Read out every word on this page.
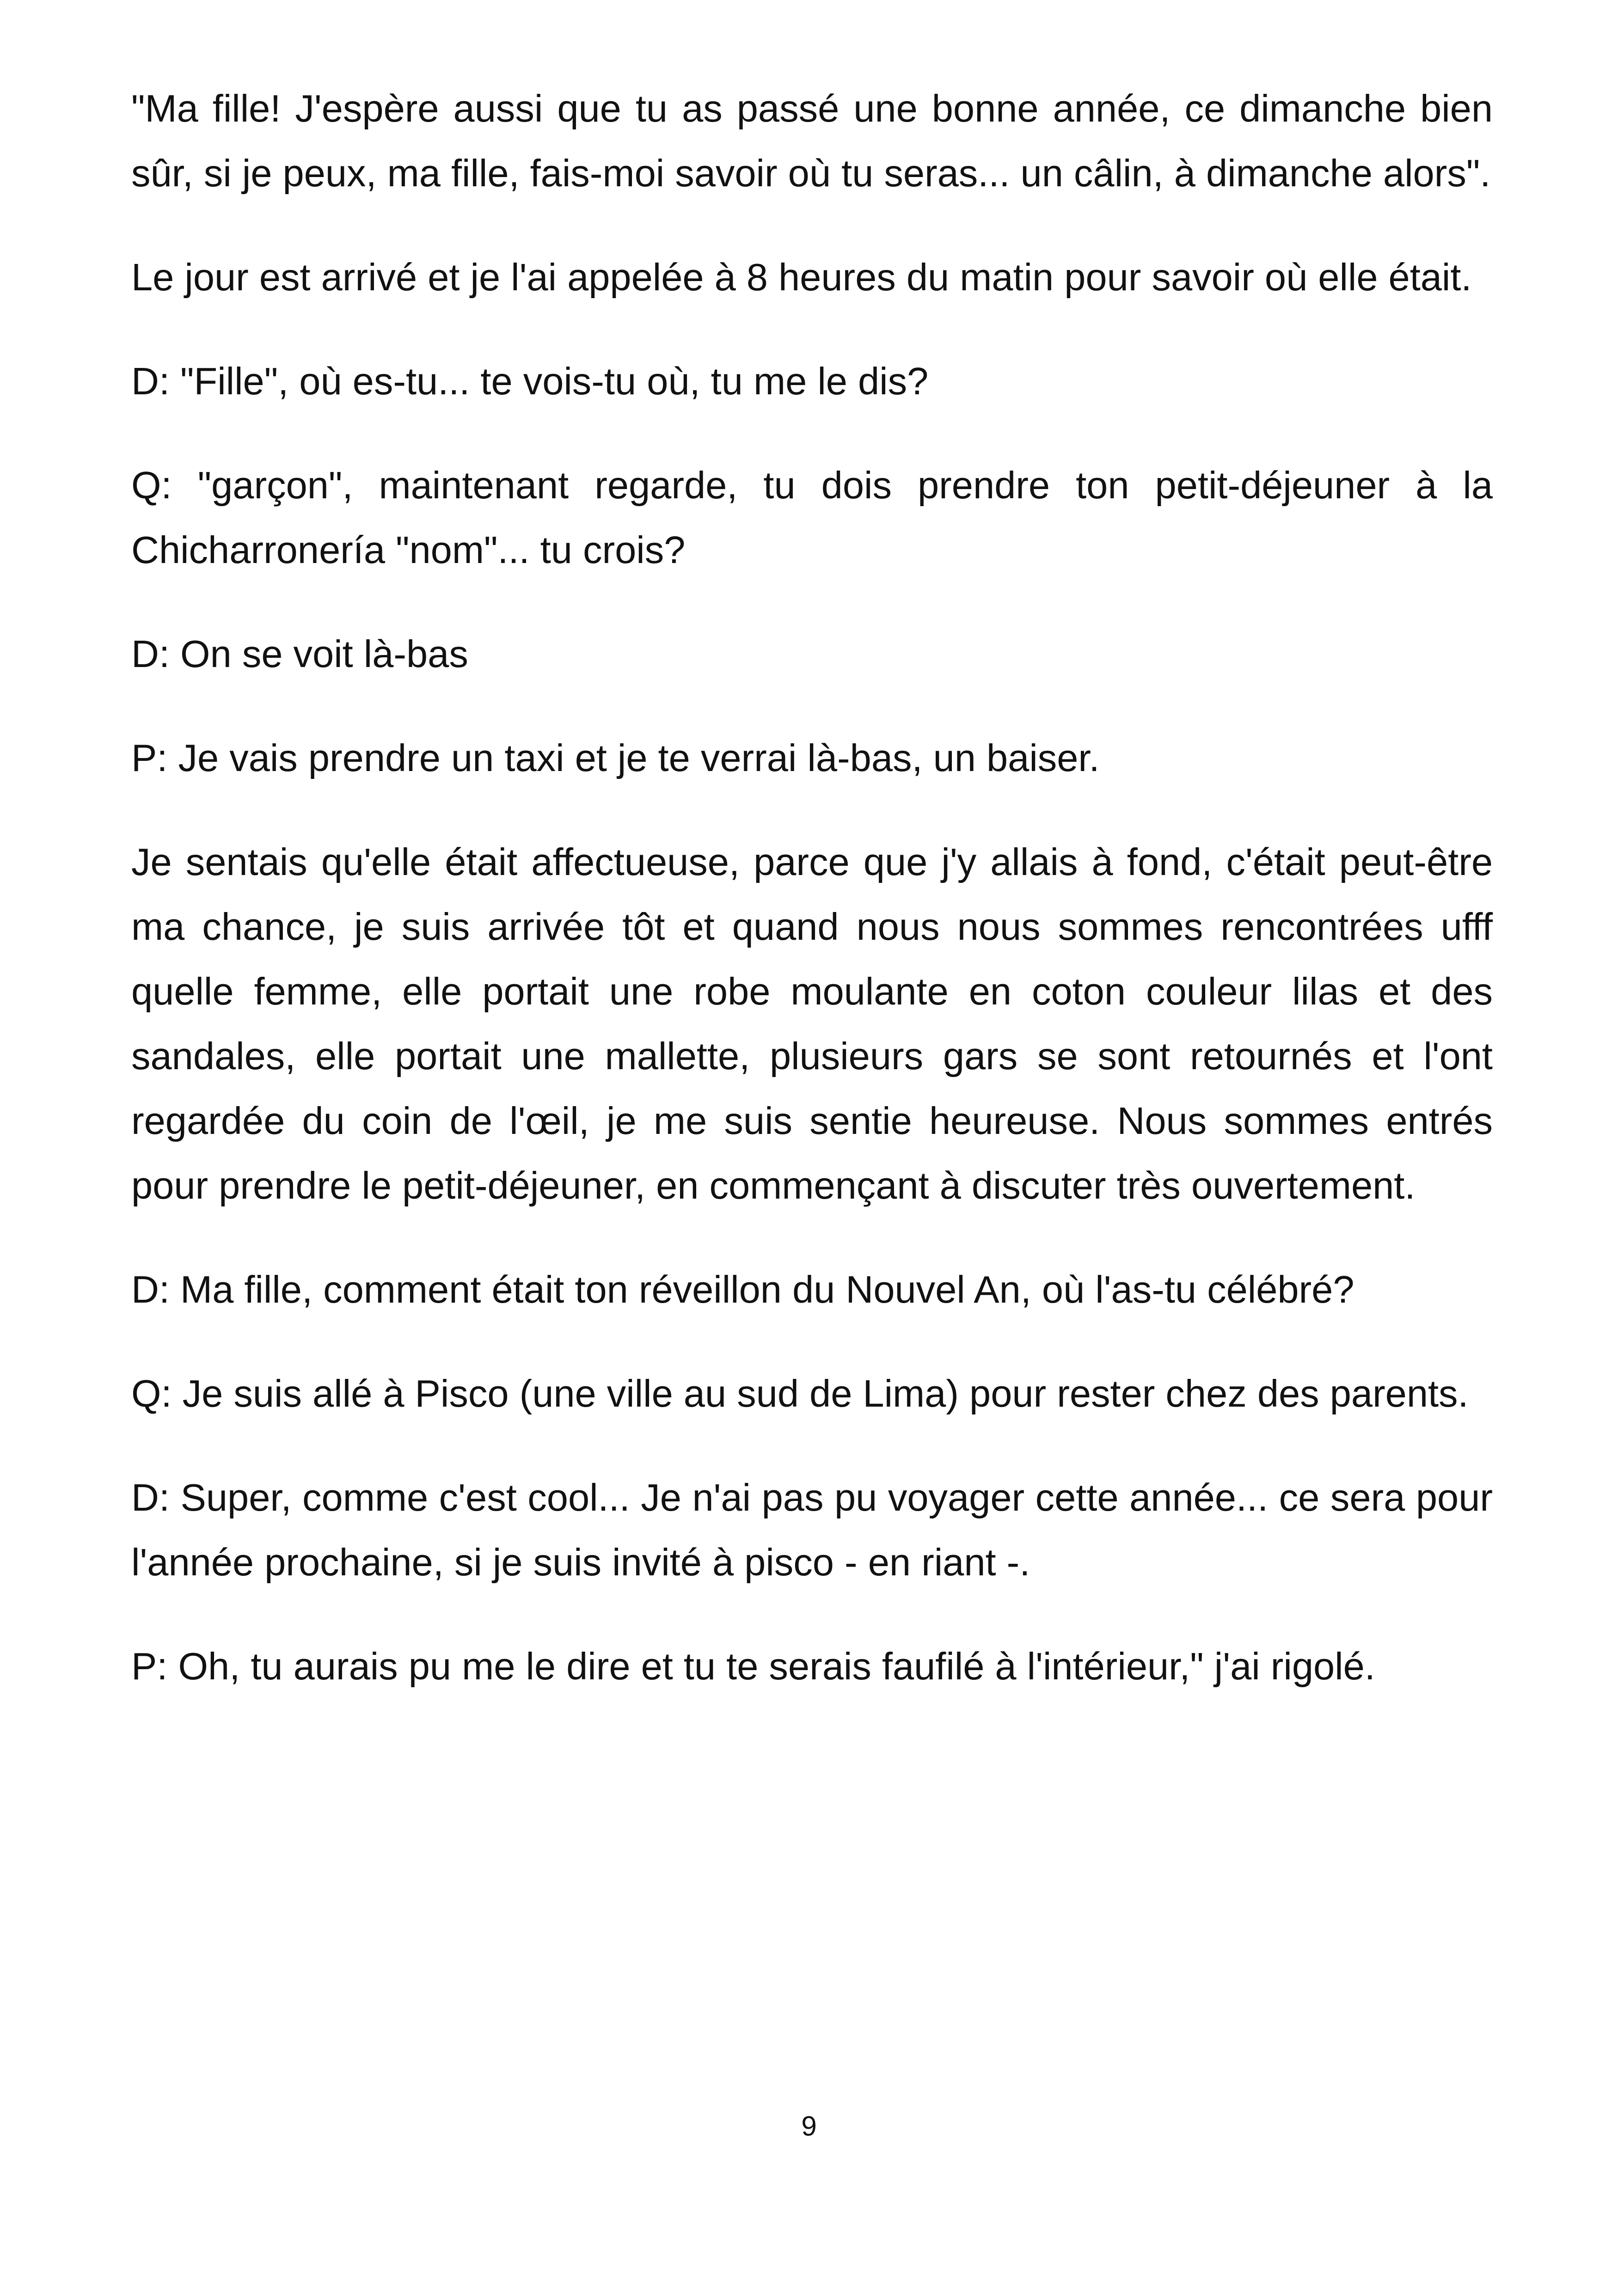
"Ma fille! J'espère aussi que tu as passé une bonne année, ce dimanche bien sûr, si je peux, ma fille, fais-moi savoir où tu seras... un câlin, à dimanche alors".

Le jour est arrivé et je l'ai appelée à 8 heures du matin pour savoir où elle était.

D: "Fille", où es-tu... te vois-tu où, tu me le dis?

Q: "garçon", maintenant regarde, tu dois prendre ton petit-déjeuner à la Chicharronería "nom"... tu crois?

D: On se voit là-bas

P: Je vais prendre un taxi et je te verrai là-bas, un baiser.

Je sentais qu'elle était affectueuse, parce que j'y allais à fond, c'était peut-être ma chance, je suis arrivée tôt et quand nous nous sommes rencontrées ufff quelle femme, elle portait une robe moulante en coton couleur lilas et des sandales, elle portait une mallette, plusieurs gars se sont retournés et l'ont regardée du coin de l'œil, je me suis sentie heureuse. Nous sommes entrés pour prendre le petit-déjeuner, en commençant à discuter très ouvertement.

D: Ma fille, comment était ton réveillon du Nouvel An, où l'as-tu célébré?

Q: Je suis allé à Pisco (une ville au sud de Lima) pour rester chez des parents.

D: Super, comme c'est cool... Je n'ai pas pu voyager cette année... ce sera pour l'année prochaine, si je suis invité à pisco - en riant -.

P: Oh, tu aurais pu me le dire et tu te serais faufilé à l'intérieur," j'ai rigolé.

9
